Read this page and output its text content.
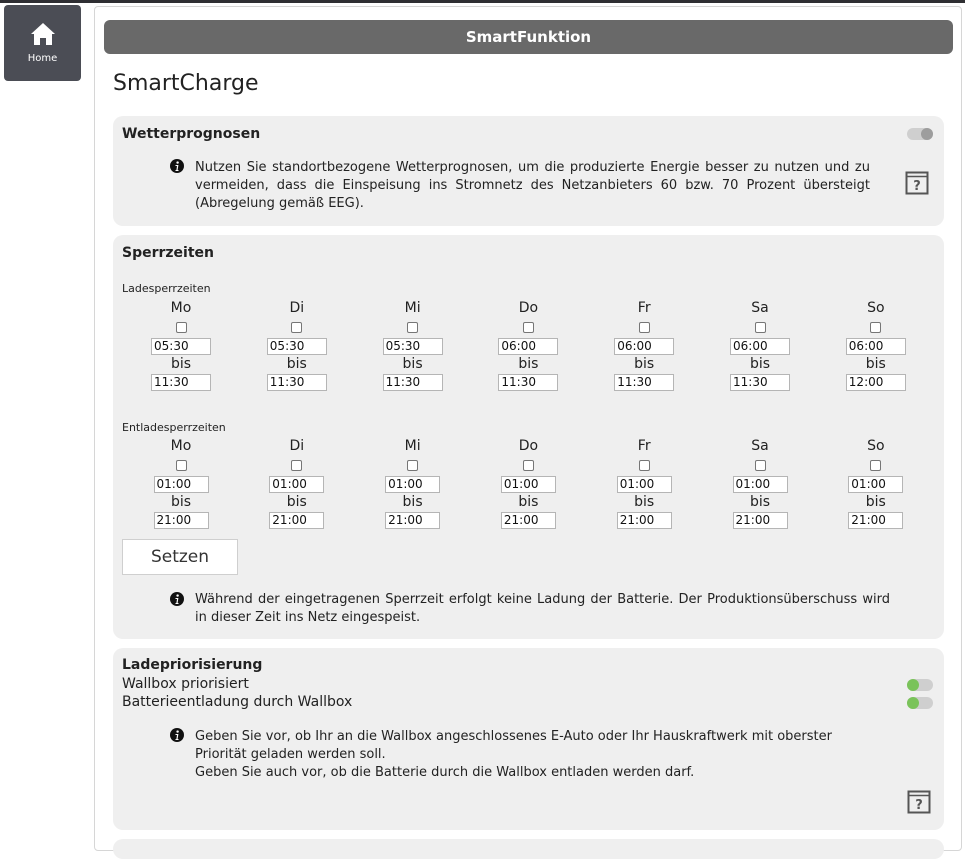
Home
SmartFunktion
SmartCharge
Wetterprognosen
Nutzen Sie standortbezogene Wetterprognosen, um die produzierte Energie besser zu nutzen und zu vermeiden, dass die Einspeisung ins Stromnetz des Netzanbieters 60 bzw. 70 Prozent übersteigt (Abregelung gemäß EEG).
?
Sperrzeiten
Ladesperrzeiten
Entladesperrzeiten
Setzen
Während der eingetragenen Sperrzeit erfolgt keine Ladung der Batterie. Der Produktionsüberschuss wird in dieser Zeit ins Netz eingespeist.
Mo
05:30
bis
11:30
Di
05:30
bis
11:30
Mi
05:30
bis
11:30
Do
06:00
bis
11:30
Fr
06:00
bis
11:30
Sa
06:00
bis
11:30
So
06:00
bis
12:00
Mo
01:00
bis
21:00
Di
01:00
bis
21:00
Mi
01:00
bis
21:00
Do
01:00
bis
21:00
Fr
01:00
bis
21:00
Sa
01:00
bis
21:00
So
01:00
bis
21:00
Ladepriorisierung
Wallbox priorisiert
Batterieentladung durch Wallbox
Geben Sie vor, ob Ihr an die Wallbox angeschlossenes E-Auto oder Ihr Hauskraftwerk mit oberster Priorität geladen werden soll.
Geben Sie auch vor, ob die Batterie durch die Wallbox entladen werden darf.
?
